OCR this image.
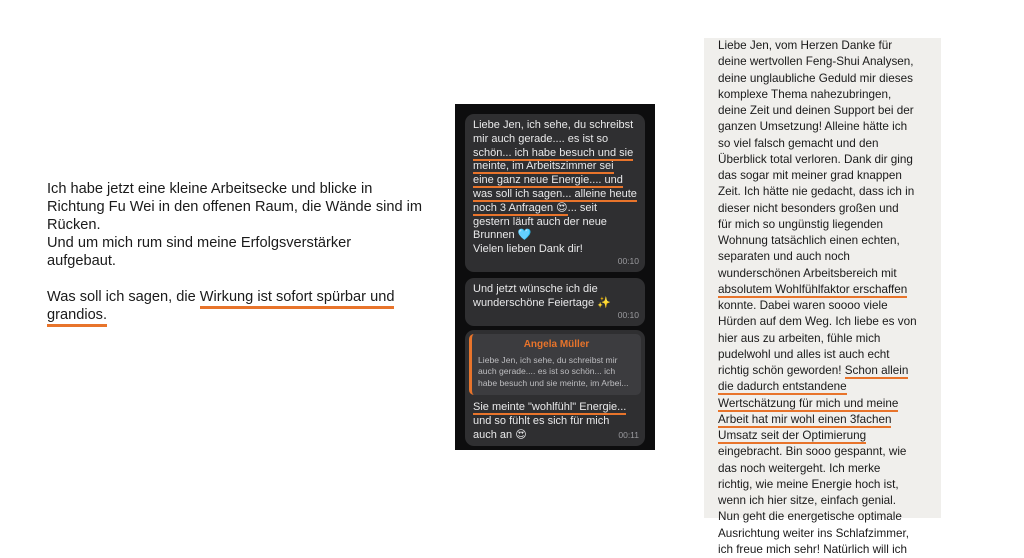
Ich habe jetzt eine kleine Arbeitsecke und blicke in

Richtung Fu Wei in den offenen Raum, die Wände sind im

Rücken.

Und um mich rum sind meine Erfolgsverstärker

aufgebaut.

Was soll ich sagen, die Wirkung ist sofort spürbar und

grandios.

Liebe Jen, ich sehe, du schreibst
mir auch gerade.... es ist so
schön... ich habe besuch und sie
meinte, im Arbeitszimmer sei
eine ganz neue Energie.... und
was soll ich sagen... alleine heute
noch 3 Anfragen 😍... seit
gestern läuft auch der neue
Brunnen 🩵
Vielen lieben Dank dir!
00:10
Und jetzt wünsche ich die
wunderschöne Feiertage ✨
00:10
Angela Müller
Liebe Jen, ich sehe, du schreibst mir
auch gerade.... es ist so schön... ich
habe besuch und sie meinte, im Arbei...
Sie meinte "wohlfühl" Energie...
und so fühlt es sich für mich
auch an 😍	00:11
Liebe Jen, vom Herzen Danke für
deine wertvollen Feng-Shui Analysen,
deine unglaubliche Geduld mir dieses
komplexe Thema nahezubringen,
deine Zeit und deinen Support bei der
ganzen Umsetzung! Alleine hätte ich
so viel falsch gemacht und den
Überblick total verloren. Dank dir ging
das sogar mit meiner grad knappen
Zeit. Ich hätte nie gedacht, dass ich in
dieser nicht besonders großen und
für mich so ungünstig liegenden
Wohnung tatsächlich einen echten,
separaten und auch noch
wunderschönen Arbeitsbereich mit
absolutem Wohlfühlfaktor erschaffen
konnte. Dabei waren soooo viele
Hürden auf dem Weg. Ich liebe es von
hier aus zu arbeiten, fühle mich
pudelwohl und alles ist auch echt
richtig schön geworden! Schon allein
die dadurch entstandene
Wertschätzung für mich und meine
Arbeit hat mir wohl einen 3fachen
Umsatz seit der Optimierung
eingebracht. Bin sooo gespannt, wie
das noch weitergeht. Ich merke
richtig, wie meine Energie hoch ist,
wenn ich hier sitze, einfach genial.
Nun geht die energetische optimale
Ausrichtung weiter ins Schlafzimmer,
ich freue mich sehr! Natürlich will ich
